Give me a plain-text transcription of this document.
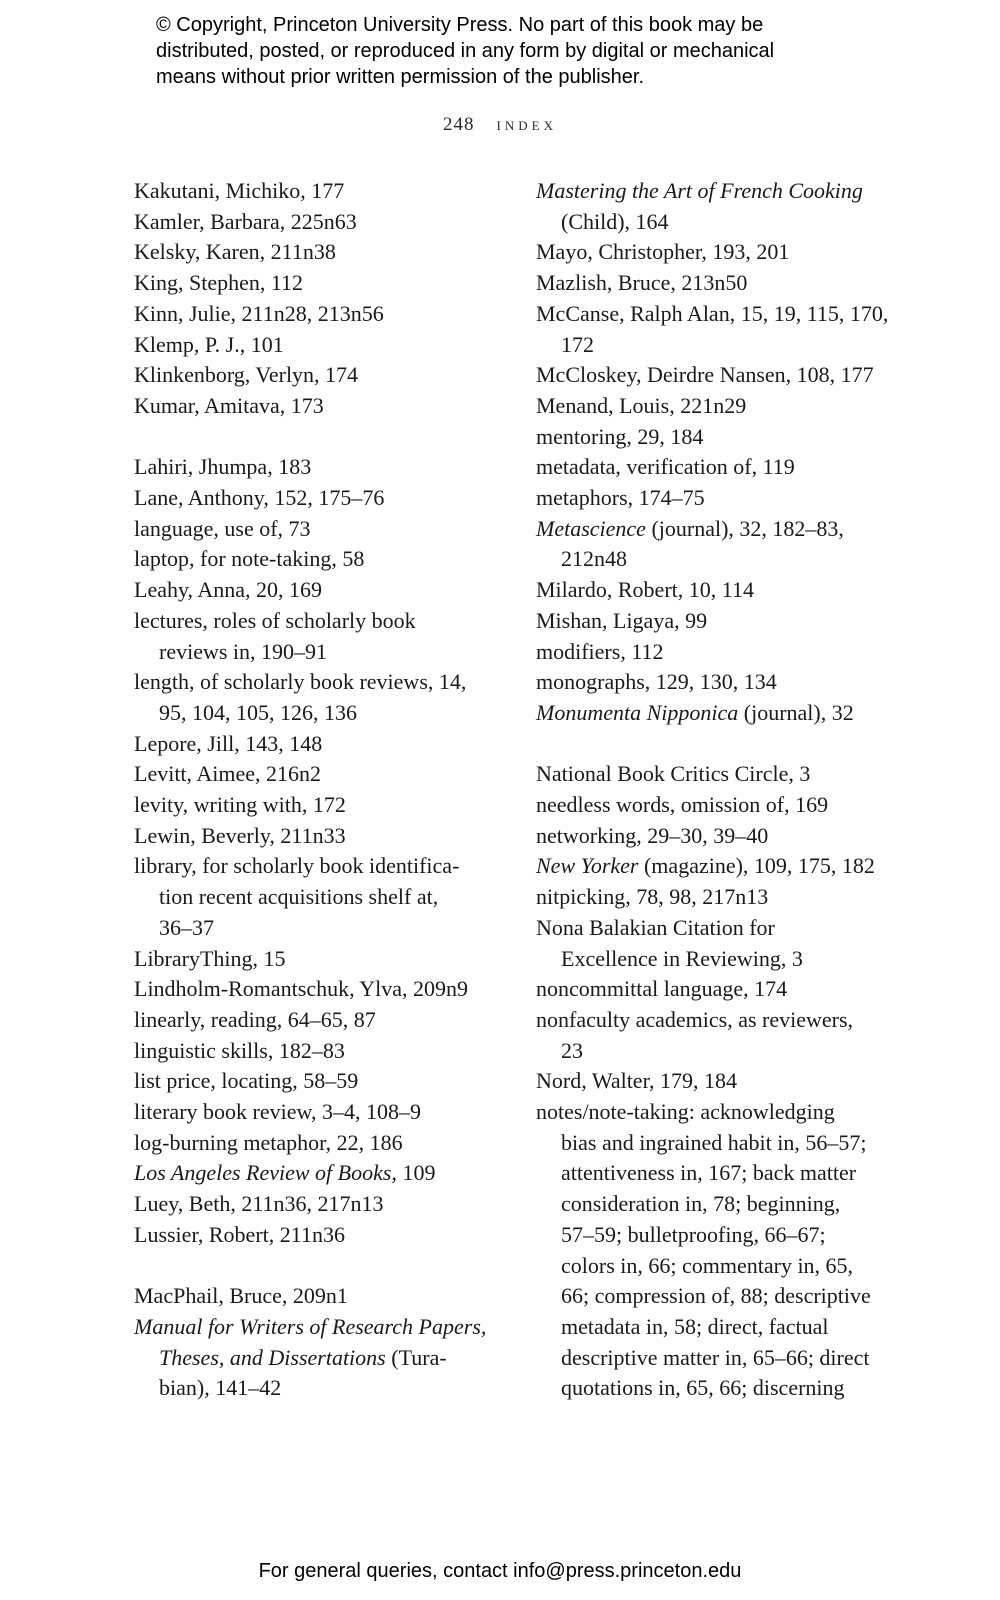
© Copyright, Princeton University Press. No part of this book may be
distributed, posted, or reproduced in any form by digital or mechanical
means without prior written permission of the publisher.
248 index
Kakutani, Michiko, 177
Kamler, Barbara, 225n63
Kelsky, Karen, 211n38
King, Stephen, 112
Kinn, Julie, 211n28, 213n56
Klemp, P. J., 101
Klinkenborg, Verlyn, 174
Kumar, Amitava, 173
Lahiri, Jhumpa, 183
Lane, Anthony, 152, 175–76
language, use of, 73
laptop, for note-taking, 58
Leahy, Anna, 20, 169
lectures, roles of scholarly book
reviews in, 190–91
length, of scholarly book reviews, 14,
95, 104, 105, 126, 136
Lepore, Jill, 143, 148
Levitt, Aimee, 216n2
levity, writing with, 172
Lewin, Beverly, 211n33
library, for scholarly book identifica-
tion recent acquisitions shelf at,
36–37
LibraryThing, 15
Lindholm-Romantschuk, Ylva, 209n9
linearly, reading, 64–65, 87
linguistic skills, 182–83
list price, locating, 58–59
literary book review, 3–4, 108–9
log-burning metaphor, 22, 186
Los Angeles Review of Books, 109
Luey, Beth, 211n36, 217n13
Lussier, Robert, 211n36
MacPhail, Bruce, 209n1
Manual for Writers of Research Papers,
Theses, and Dissertations (Tura-
bian), 141–42
Mastering the Art of French Cooking
(Child), 164
Mayo, Christopher, 193, 201
Mazlish, Bruce, 213n50
McCanse, Ralph Alan, 15, 19, 115, 170,
172
McCloskey, Deirdre Nansen, 108, 177
Menand, Louis, 221n29
mentoring, 29, 184
metadata, verification of, 119
metaphors, 174–75
Metascience (journal), 32, 182–83,
212n48
Milardo, Robert, 10, 114
Mishan, Ligaya, 99
modifiers, 112
monographs, 129, 130, 134
Monumenta Nipponica (journal), 32
National Book Critics Circle, 3
needless words, omission of, 169
networking, 29–30, 39–40
New Yorker (magazine), 109, 175, 182
nitpicking, 78, 98, 217n13
Nona Balakian Citation for
Excellence in Reviewing, 3
noncommittal language, 174
nonfaculty academics, as reviewers,
23
Nord, Walter, 179, 184
notes/note-taking: acknowledging
bias and ingrained habit in, 56–57;
attentiveness in, 167; back matter
consideration in, 78; beginning,
57–59; bulletproofing, 66–67;
colors in, 66; commentary in, 65,
66; compression of, 88; descriptive
metadata in, 58; direct, factual
descriptive matter in, 65–66; direct
quotations in, 65, 66; discerning
For general queries, contact info@press.princeton.edu
